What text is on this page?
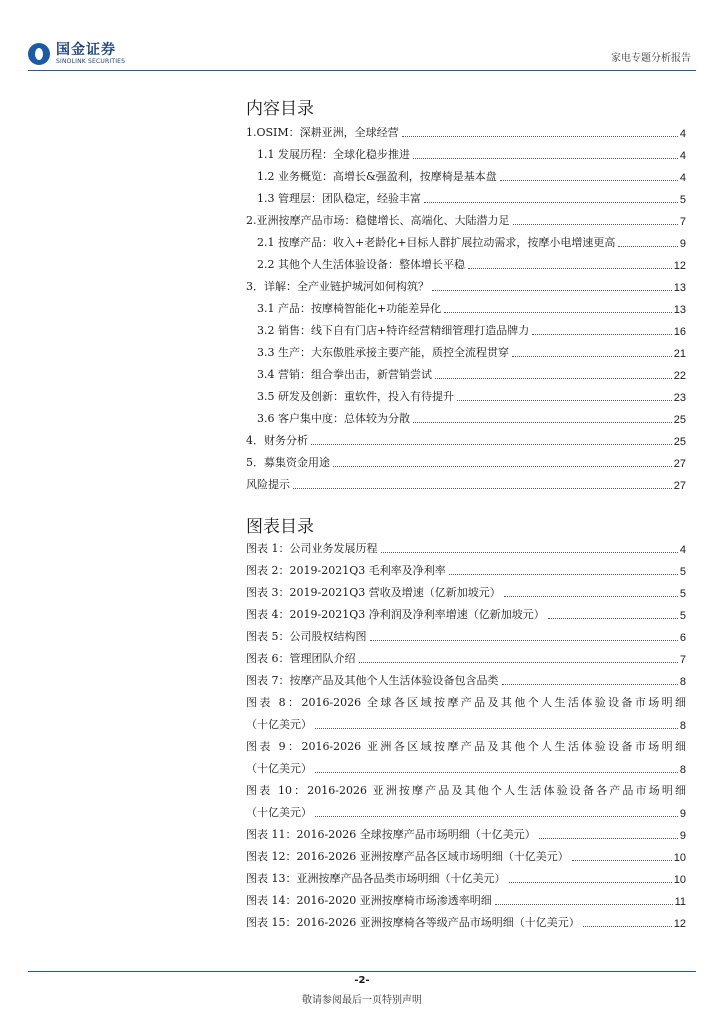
国金证券
SINOLINK SECURITIES	家电专题分析报告
内容目录
1.OSIM：深耕亚洲，全球经营	4
1.1 发展历程：全球化稳步推进	4
1.2 业务概览：高增长&强盈利，按摩椅是基本盘	4
1.3 管理层：团队稳定，经验丰富	5
2.亚洲按摩产品市场：稳健增长、高端化、大陆潜力足	7
2.1 按摩产品：收入+老龄化+目标人群扩展拉动需求，按摩小电增速更高	9
2.2 其他个人生活体验设备：整体增长平稳	12
3．详解：全产业链护城河如何构筑？	13
3.1 产品：按摩椅智能化+功能差异化	13
3.2 销售：线下自有门店+特许经营精细管理打造品牌力	16
3.3 生产：大东傲胜承接主要产能，质控全流程贯穿	21
3.4 营销：组合拳出击，新营销尝试	22
3.5 研发及创新：重软件，投入有待提升	23
3.6 客户集中度：总体较为分散	25
4．财务分析	25
5．募集资金用途	27
风险提示	27
图表目录
图表 1：公司业务发展历程	4
图表 2：2019-2021Q3 毛利率及净利率	5
图表 3：2019-2021Q3 营收及增速（亿新加坡元）	5
图表 4：2019-2021Q3 净利润及净利率增速（亿新加坡元）	5
图表 5：公司股权结构图	6
图表 6：管理团队介绍	7
图表 7：按摩产品及其他个人生活体验设备包含品类	8
图表 8：2016-2026 全球各区域按摩产品及其他个人生活体验设备市场明细
（十亿美元）	8
图表 9：2016-2026 亚洲各区域按摩产品及其他个人生活体验设备市场明细
（十亿美元）	8
图表 10：2016-2026 亚洲按摩产品及其他个人生活体验设备各产品市场明细
（十亿美元）	9
图表 11：2016-2026 全球按摩产品市场明细（十亿美元）	9
图表 12：2016-2026 亚洲按摩产品各区域市场明细（十亿美元）	10
图表 13：亚洲按摩产品各品类市场明细（十亿美元）	10
图表 14：2016-2020 亚洲按摩椅市场渗透率明细	11
图表 15：2016-2026 亚洲按摩椅各等级产品市场明细（十亿美元）	12
-2-
敬请参阅最后一页特别声明
